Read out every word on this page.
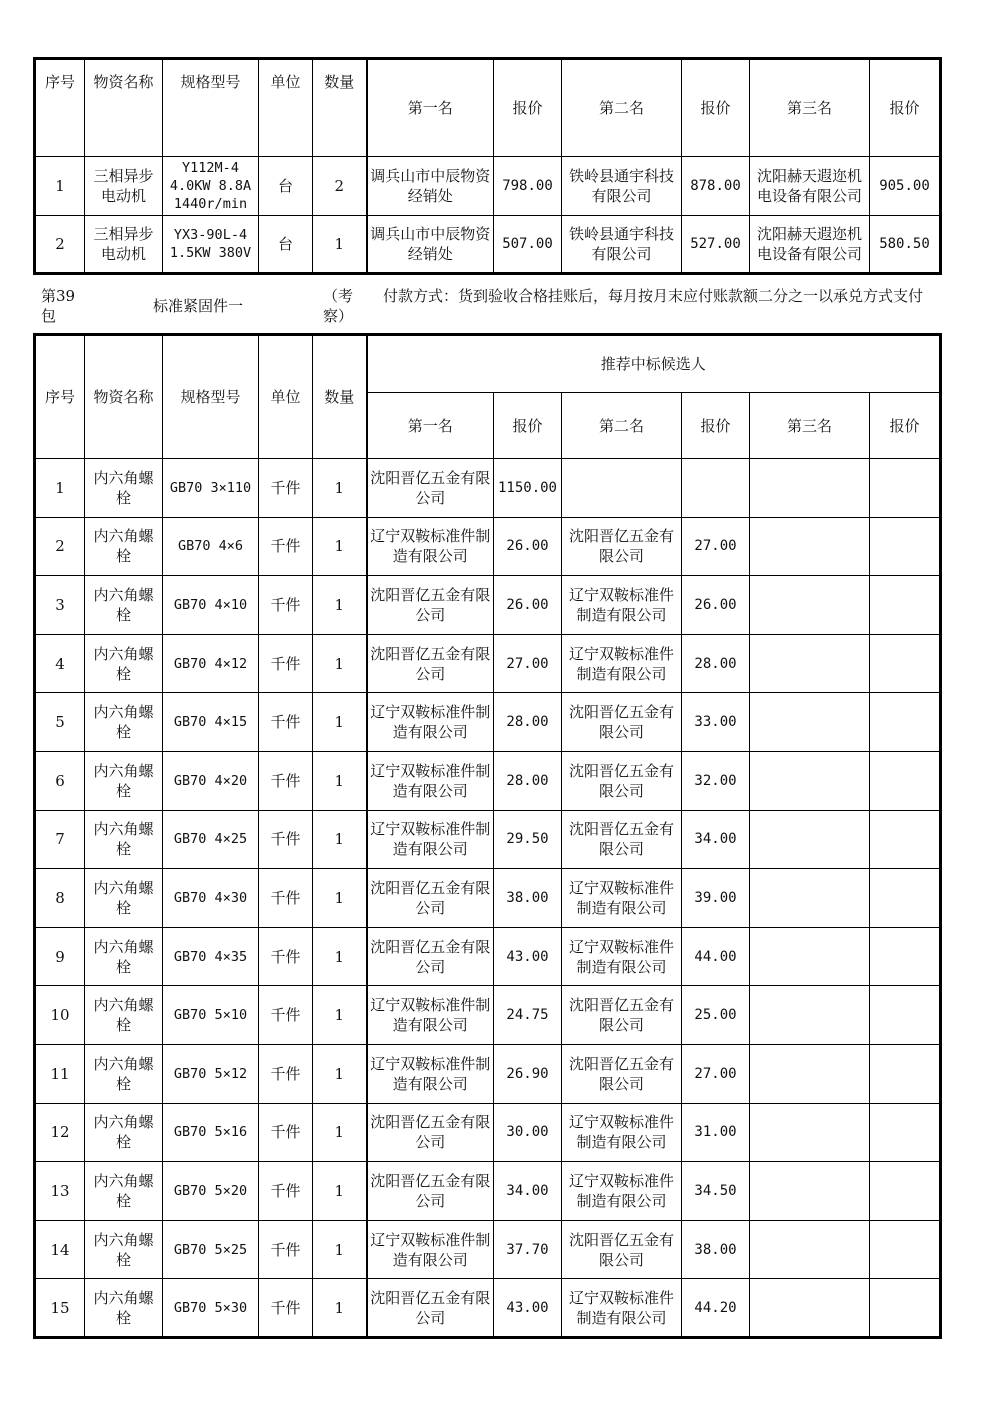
序号	物资名称	规格型号	单位	数量	第一名	报价	第二名	报价	第三名	报价
1	三相异步电动机	Y112M-4 4.0KW 8.8A 1440r/min	台	2	调兵山市中辰物资经销处	798.00	铁岭县通宇科技有限公司	878.00	沈阳赫天遐迩机电设备有限公司	905.00
2	三相异步电动机	YX3-90L-4 1.5KW 380V	台	1	调兵山市中辰物资经销处	507.00	铁岭县通宇科技有限公司	527.00	沈阳赫天遐迩机电设备有限公司	580.50
第39包
标准紧固件一
（考察）
付款方式：货到验收合格挂账后，每月按月末应付账款额二分之一以承兑方式支付
序号	物资名称	规格型号	单位	数量	推荐中标候选人					
					第一名	报价	第二名	报价	第三名	报价

1	内六角螺栓	GB70 3×110	千件	1	沈阳晋亿五金有限公司	1150.00				

2	内六角螺栓	GB70 4×6	千件	1	辽宁双鞍标准件制造有限公司	26.00	沈阳晋亿五金有限公司	27.00		

3	内六角螺栓	GB70 4×10	千件	1	沈阳晋亿五金有限公司	26.00	辽宁双鞍标准件制造有限公司	26.00		

4	内六角螺栓	GB70 4×12	千件	1	沈阳晋亿五金有限公司	27.00	辽宁双鞍标准件制造有限公司	28.00		

5	内六角螺栓	GB70 4×15	千件	1	辽宁双鞍标准件制造有限公司	28.00	沈阳晋亿五金有限公司	33.00		

6	内六角螺栓	GB70 4×20	千件	1	辽宁双鞍标准件制造有限公司	28.00	沈阳晋亿五金有限公司	32.00		

7	内六角螺栓	GB70 4×25	千件	1	辽宁双鞍标准件制造有限公司	29.50	沈阳晋亿五金有限公司	34.00		

8	内六角螺栓	GB70 4×30	千件	1	沈阳晋亿五金有限公司	38.00	辽宁双鞍标准件制造有限公司	39.00		

9	内六角螺栓	GB70 4×35	千件	1	沈阳晋亿五金有限公司	43.00	辽宁双鞍标准件制造有限公司	44.00		

10	内六角螺栓	GB70 5×10	千件	1	辽宁双鞍标准件制造有限公司	24.75	沈阳晋亿五金有限公司	25.00		

11	内六角螺栓	GB70 5×12	千件	1	辽宁双鞍标准件制造有限公司	26.90	沈阳晋亿五金有限公司	27.00		

12	内六角螺栓	GB70 5×16	千件	1	沈阳晋亿五金有限公司	30.00	辽宁双鞍标准件制造有限公司	31.00		

13	内六角螺栓	GB70 5×20	千件	1	沈阳晋亿五金有限公司	34.00	辽宁双鞍标准件制造有限公司	34.50		

14	内六角螺栓	GB70 5×25	千件	1	辽宁双鞍标准件制造有限公司	37.70	沈阳晋亿五金有限公司	38.00		

15	内六角螺栓	GB70 5×30	千件	1	沈阳晋亿五金有限公司	43.00	辽宁双鞍标准件制造有限公司	44.20		
